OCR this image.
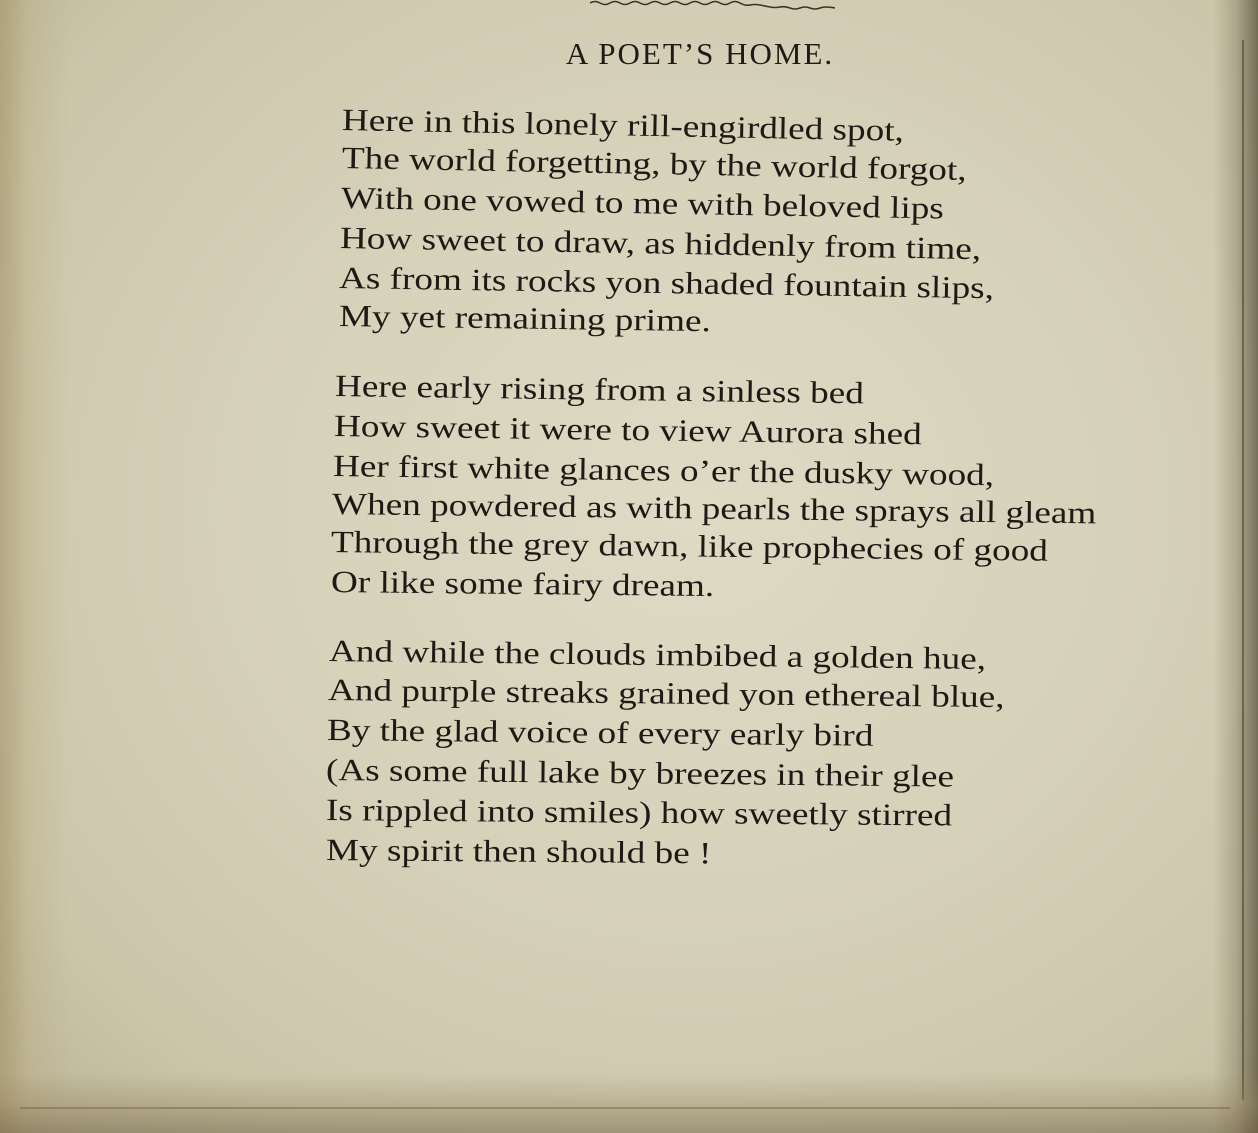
A POET’S HOME.
Here in this lonely rill-engirdled spot,
The world forgetting, by the world forgot,
With one vowed to me with beloved lips
How sweet to draw, as hiddenly from time,
As from its rocks yon shaded fountain slips,
My yet remaining prime.
Here early rising from a sinless bed
How sweet it were to view Aurora shed
Her first white glances o’er the dusky wood,
When powdered as with pearls the sprays all gleam
Through the grey dawn, like prophecies of good
Or like some fairy dream.
And while the clouds imbibed a golden hue,
And purple streaks grained yon ethereal blue,
By the glad voice of every early bird
(As some full lake by breezes in their glee
Is rippled into smiles) how sweetly stirred
My spirit then should be !
